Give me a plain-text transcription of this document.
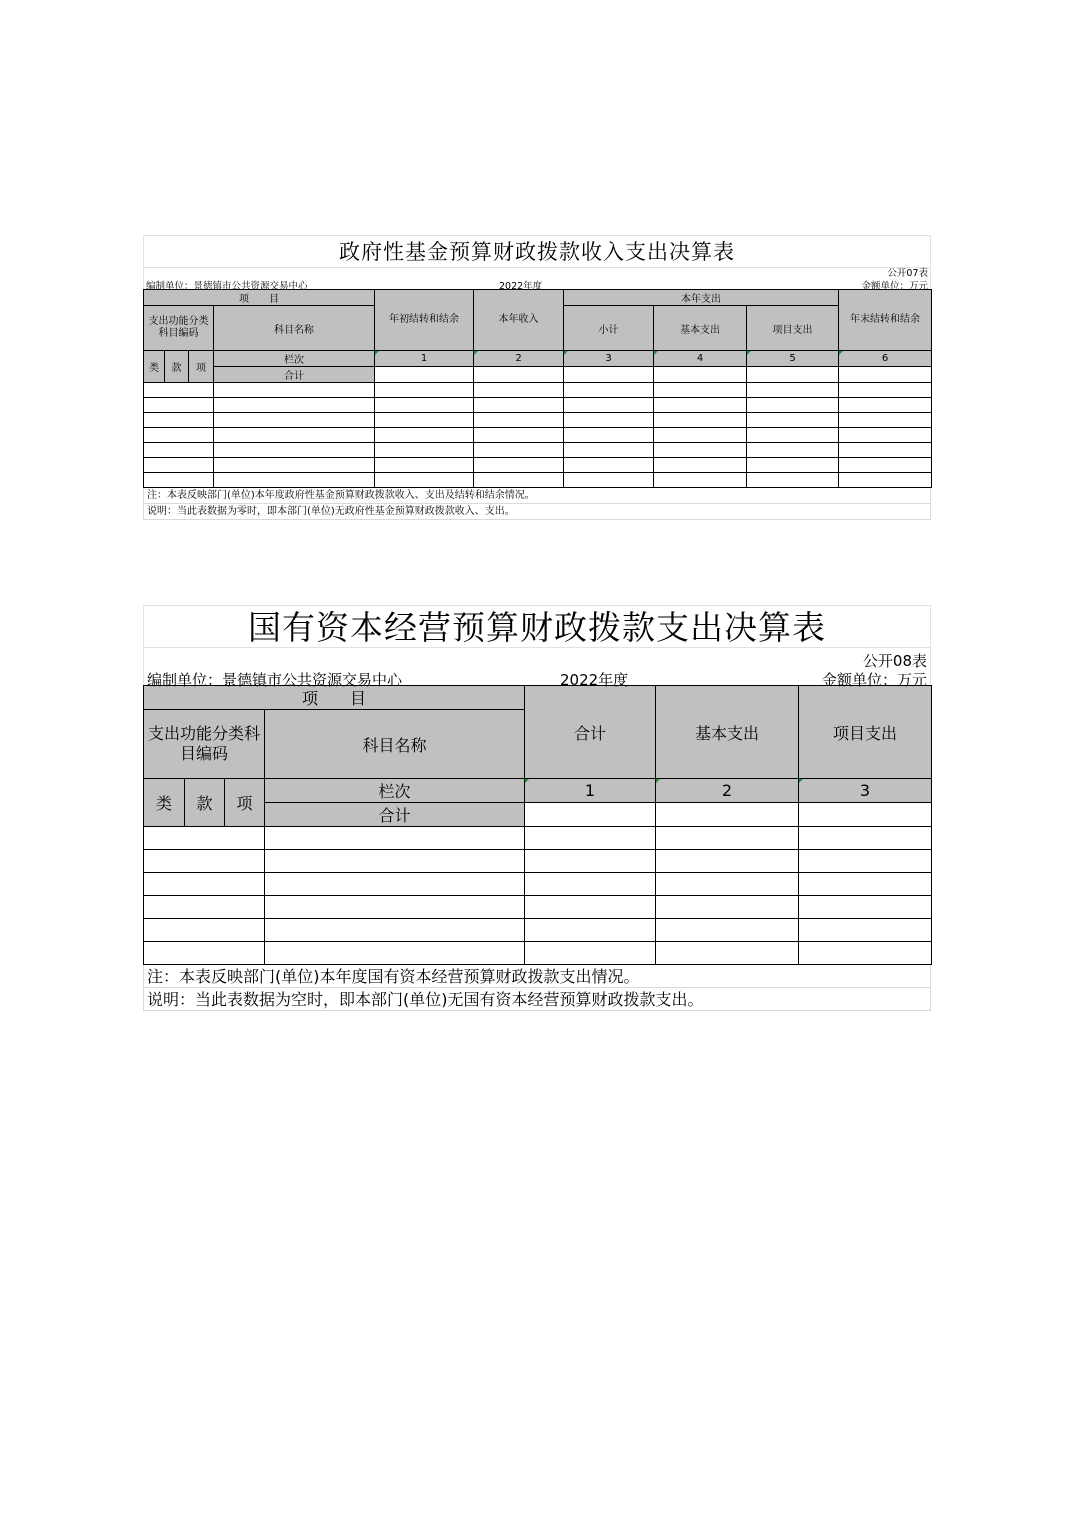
政府性基金预算财政拨款收入支出决算表
公开07表
编制单位：景德镇市公共资源交易中心	2022年度	金额单位：万元
项　　目				年初结转和结余	本年收入	本年支出			年末结转和结余
支出功能分类科目编码			科目名称			小计	基本支出	项目支出	
类	款	项	栏次	1	2	3	4	5	6
			合计						

注：本表反映部门(单位)本年度政府性基金预算财政拨款收入、支出及结转和结余情况。
说明：当此表数据为零时，即本部门(单位)无政府性基金预算财政拨款收入、支出。
国有资本经营预算财政拨款支出决算表
公开08表
编制单位：景德镇市公共资源交易中心	2022年度	金额单位：万元
项　　目				合计	基本支出	项目支出
支出功能分类科目编码			科目名称			
类	款	项	栏次	1	2	3
			合计			

注：本表反映部门(单位)本年度国有资本经营预算财政拨款支出情况。
说明：当此表数据为空时，即本部门(单位)无国有资本经营预算财政拨款支出。
